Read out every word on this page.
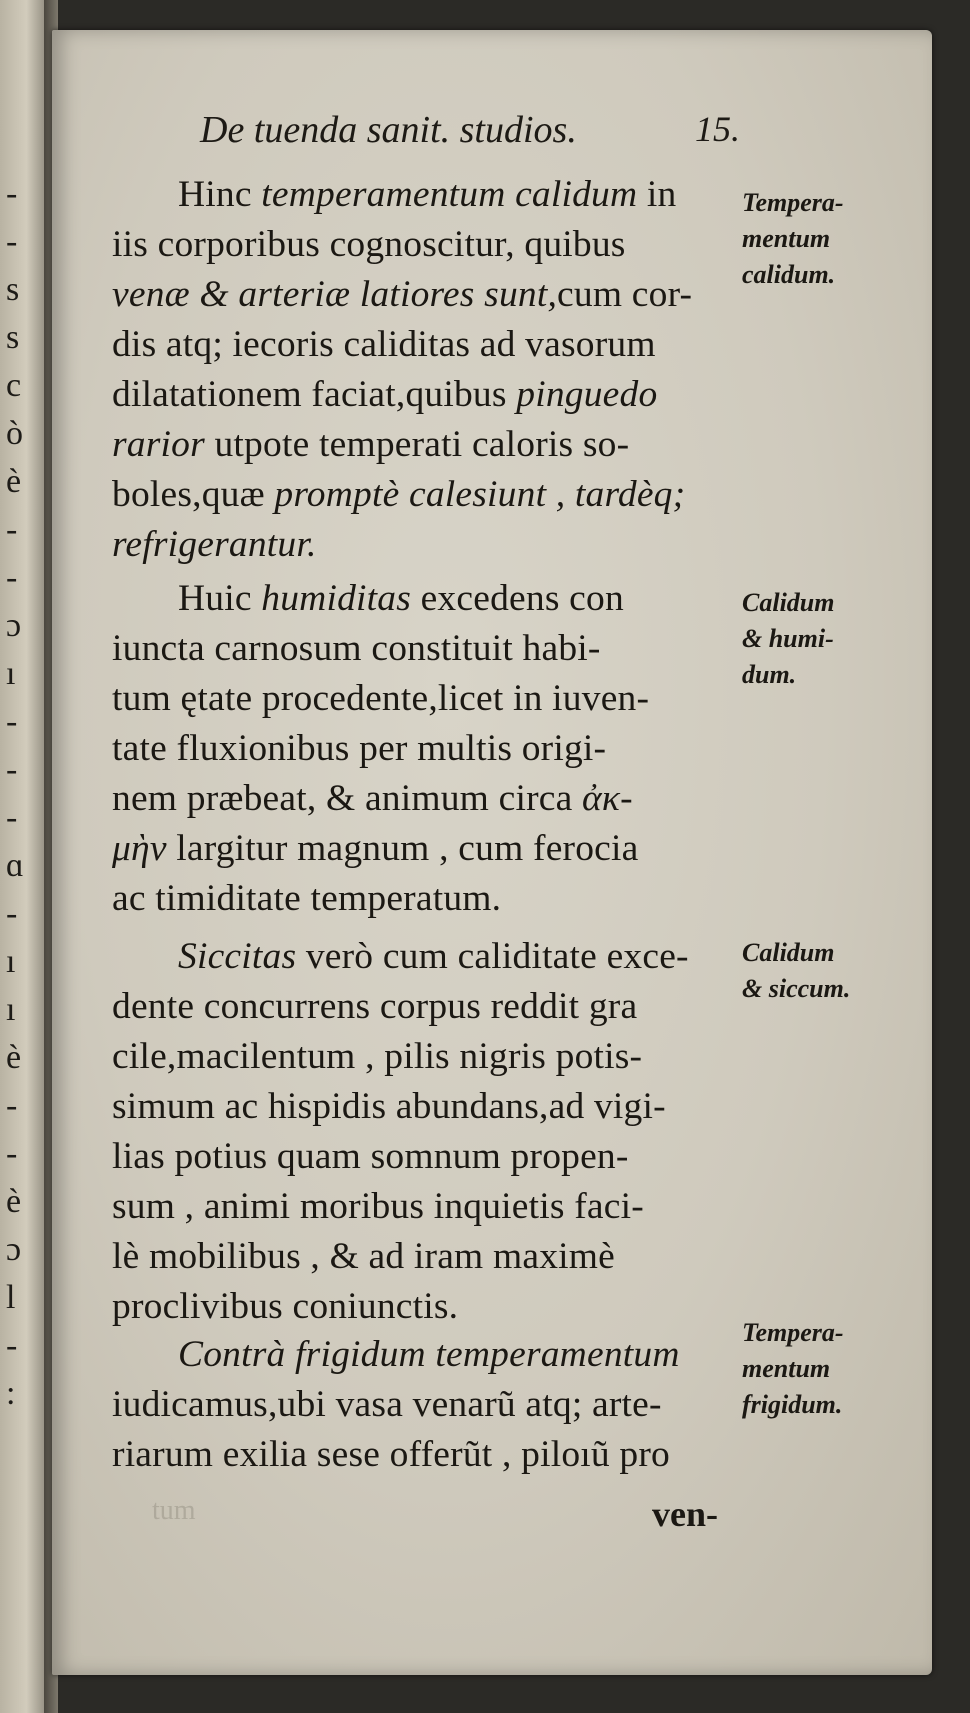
-
-
s
s
c
ò
è
-
-
ɔ
ı
-
-
-
ɑ
-
ı
ı
è
-
-
è
ɔ
l
-
:
De tuenda sanit. studios.	15.
Hinc temperamentum calidum in
iis corporibus cognoscitur, quibus
venæ & arteriæ latiores sunt,cum cor-
dis atq; iecoris caliditas ad vasorum
dilatationem faciat,quibus pinguedo
rarior utpote temperati caloris so-
boles,quæ promptè calesiunt , tardèq;
refrigerantur.
Huic humiditas excedens con
iuncta carnosum constituit habi-
tum ętate procedente,licet in iuven-
tate fluxionibus per multis origi-
nem præbeat, & animum circa ἀκ-
μὴν largitur magnum , cum ferocia
ac timiditate temperatum.
Siccitas verò cum caliditate exce-
dente concurrens corpus reddit gra
cile,macilentum , pilis nigris potis-
simum ac hispidis abundans,ad vigi-
lias potius quam somnum propen-
sum , animi moribus inquietis faci-
lè mobilibus , & ad iram maximè
proclivibus coniunctis.
Contrà frigidum temperamentum
iudicamus,ubi vasa venarũ atq; arte-
riarum exilia sese offerũt , piloıũ pro
Tempera-
mentum
calidum.
Calidum
& humi-
dum.
Calidum
& siccum.
Tempera-
mentum
frigidum.
tum	ven-
